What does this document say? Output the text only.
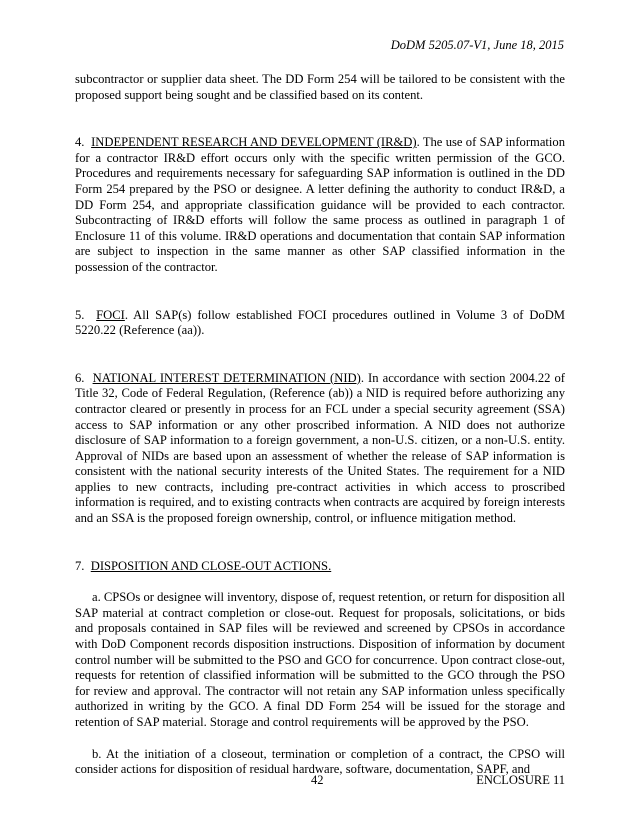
DoDM 5205.07-V1, June 18, 2015

subcontractor or supplier data sheet. The DD Form 254 will be tailored to be consistent with the proposed support being sought and be classified based on its content.

4. INDEPENDENT RESEARCH AND DEVELOPMENT (IR&D). The use of SAP information for a contractor IR&D effort occurs only with the specific written permission of the GCO. Procedures and requirements necessary for safeguarding SAP information is outlined in the DD Form 254 prepared by the PSO or designee. A letter defining the authority to conduct IR&D, a DD Form 254, and appropriate classification guidance will be provided to each contractor. Subcontracting of IR&D efforts will follow the same process as outlined in paragraph 1 of Enclosure 11 of this volume. IR&D operations and documentation that contain SAP information are subject to inspection in the same manner as other SAP classified information in the possession of the contractor.

5. FOCI. All SAP(s) follow established FOCI procedures outlined in Volume 3 of DoDM 5220.22 (Reference (aa)).

6. NATIONAL INTEREST DETERMINATION (NID). In accordance with section 2004.22 of Title 32, Code of Federal Regulation, (Reference (ab)) a NID is required before authorizing any contractor cleared or presently in process for an FCL under a special security agreement (SSA) access to SAP information or any other proscribed information. A NID does not authorize disclosure of SAP information to a foreign government, a non-U.S. citizen, or a non-U.S. entity. Approval of NIDs are based upon an assessment of whether the release of SAP information is consistent with the national security interests of the United States. The requirement for a NID applies to new contracts, including pre-contract activities in which access to proscribed information is required, and to existing contracts when contracts are acquired by foreign interests and an SSA is the proposed foreign ownership, control, or influence mitigation method.

7. DISPOSITION AND CLOSE-OUT ACTIONS.

a. CPSOs or designee will inventory, dispose of, request retention, or return for disposition all SAP material at contract completion or close-out. Request for proposals, solicitations, or bids and proposals contained in SAP files will be reviewed and screened by CPSOs in accordance with DoD Component records disposition instructions. Disposition of information by document control number will be submitted to the PSO and GCO for concurrence. Upon contract close-out, requests for retention of classified information will be submitted to the GCO through the PSO for review and approval. The contractor will not retain any SAP information unless specifically authorized in writing by the GCO. A final DD Form 254 will be issued for the storage and retention of SAP material. Storage and control requirements will be approved by the PSO.

b. At the initiation of a closeout, termination or completion of a contract, the CPSO will consider actions for disposition of residual hardware, software, documentation, SAPF, and

42	ENCLOSURE 11
